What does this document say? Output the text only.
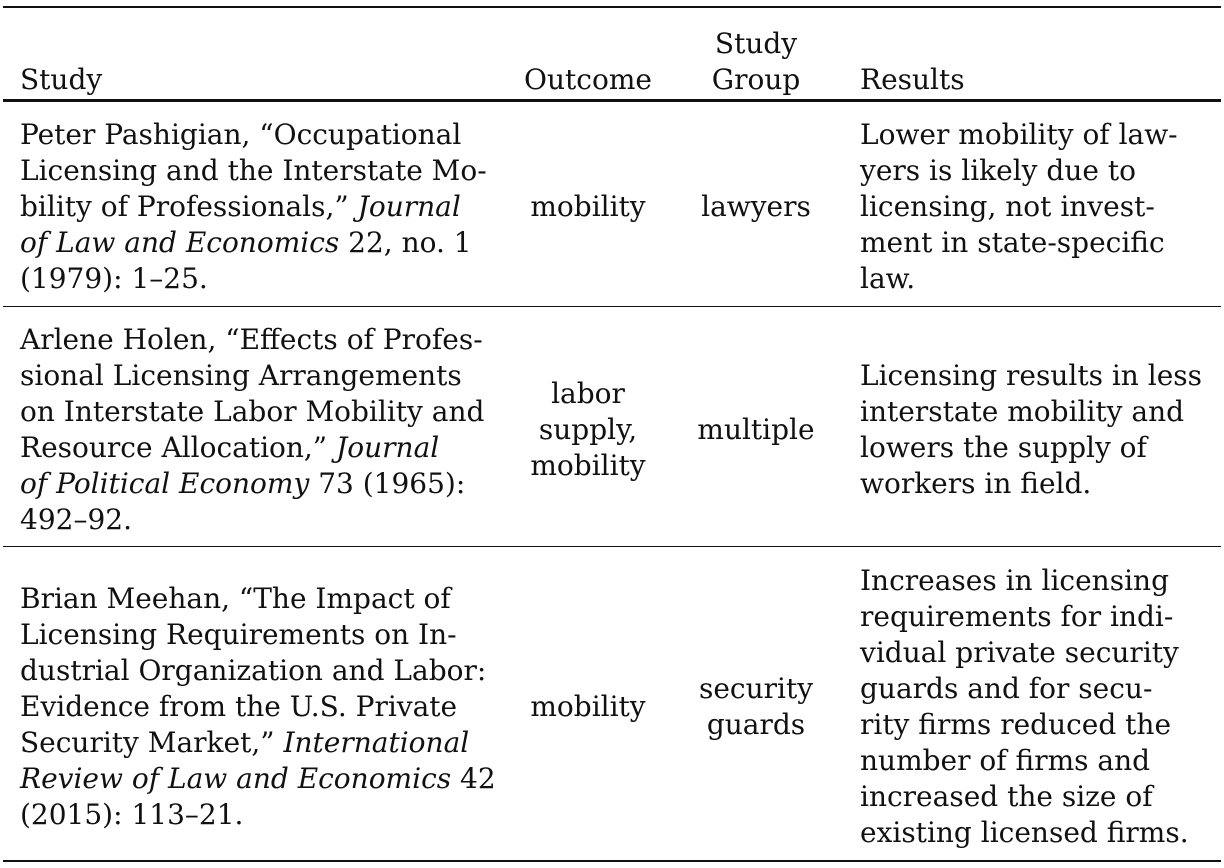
Study	Outcome
Study
Group Results
Peter Pashigian, “Occupational
Licensing and the Interstate Mo-
bility of Professionals,” Journal
of Law and Economics 22, no. 1
(1979): 1–25.
mobility lawyers
Lower mobility of law-
yers is likely due to
licensing, not invest-
ment in state-specific
law.
Arlene Holen, “Effects of Profes-
sional Licensing Arrangements
on Interstate Labor Mobility and
Resource Allocation,” Journal
of Political Economy 73 (1965):
492–92.
labor
supply,
mobility
multiple
Licensing results in less
interstate mobility and
lowers the supply of
workers in field.
Brian Meehan, “The Impact of
Licensing Requirements on In-
dustrial Organization and Labor:
Evidence from the U.S. Private
Security Market,” International
Review of Law and Economics 42
(2015): 113–21.
mobility
security
guards
Increases in licensing
requirements for indi-
vidual private security
guards and for secu-
rity firms reduced the
number of firms and
increased the size of
existing licensed firms.
